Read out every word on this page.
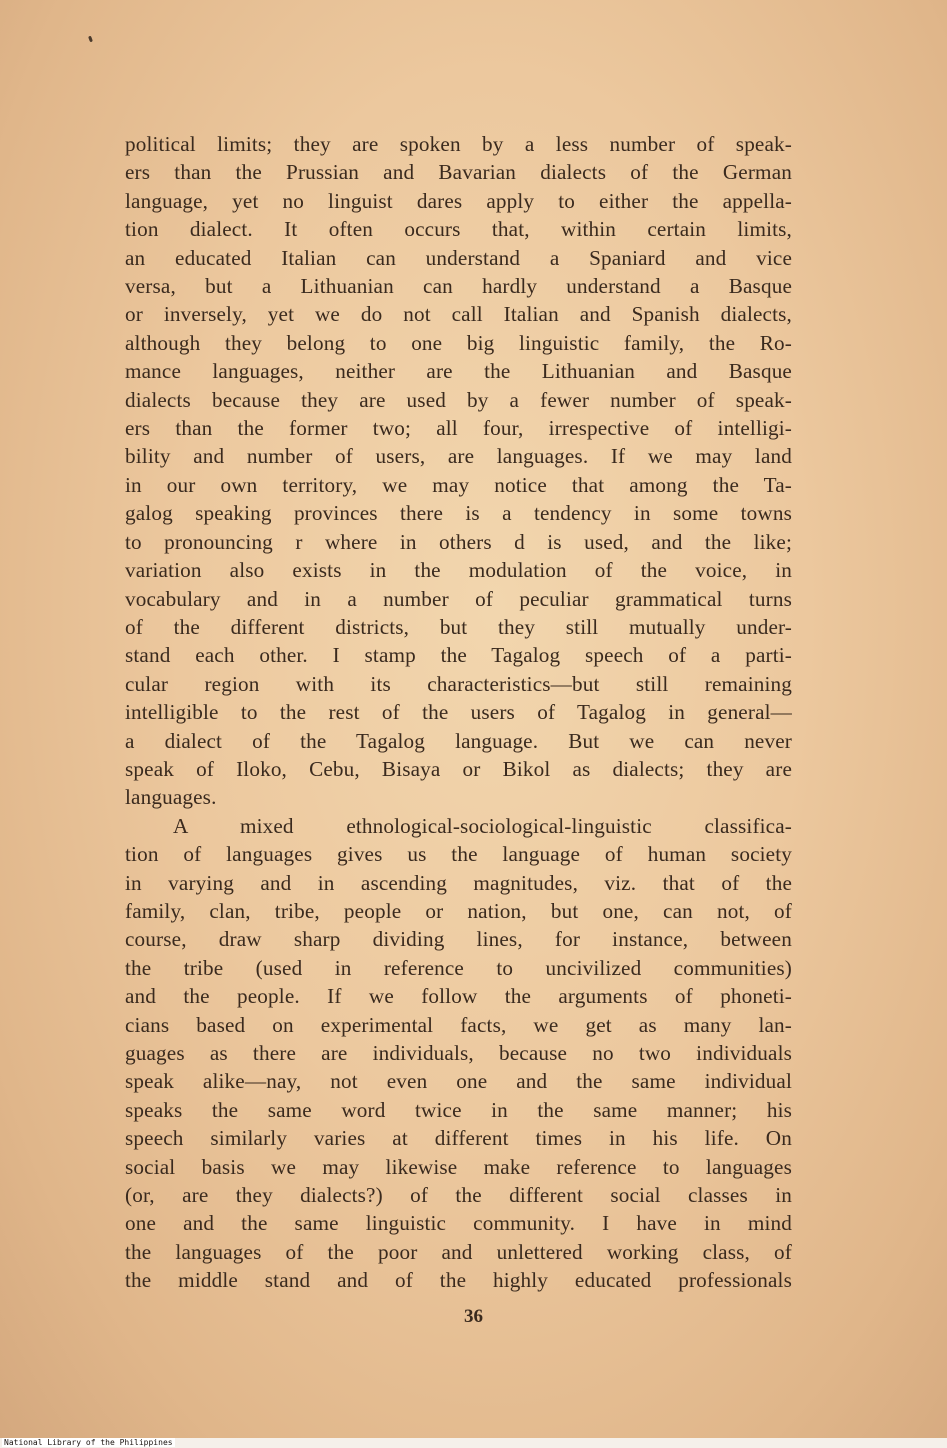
political limits; they are spoken by a less number of speak-
ers than the Prussian and Bavarian dialects of the German
language, yet no linguist dares apply to either the appella-
tion dialect. It often occurs that, within certain limits,
an educated Italian can understand a Spaniard and vice
versa, but a Lithuanian can hardly understand a Basque
or inversely, yet we do not call Italian and Spanish dialects,
although they belong to one big linguistic family, the Ro-
mance languages, neither are the Lithuanian and Basque
dialects because they are used by a fewer number of speak-
ers than the former two; all four, irrespective of intelligi-
bility and number of users, are languages. If we may land
in our own territory, we may notice that among the Ta-
galog speaking provinces there is a tendency in some towns
to pronouncing r where in others d is used, and the like;
variation also exists in the modulation of the voice, in
vocabulary and in a number of peculiar grammatical turns
of the different districts, but they still mutually under-
stand each other. I stamp the Tagalog speech of a parti-
cular region with its characteristics—but still remaining
intelligible to the rest of the users of Tagalog in general—
a dialect of the Tagalog language. But we can never
speak of Iloko, Cebu, Bisaya or Bikol as dialects; they are
languages.
A mixed ethnological-sociological-linguistic classifica-
tion of languages gives us the language of human society
in varying and in ascending magnitudes, viz. that of the
family, clan, tribe, people or nation, but one, can not, of
course, draw sharp dividing lines, for instance, between
the tribe (used in reference to uncivilized communities)
and the people. If we follow the arguments of phoneti-
cians based on experimental facts, we get as many lan-
guages as there are individuals, because no two individuals
speak alike—nay, not even one and the same individual
speaks the same word twice in the same manner; his
speech similarly varies at different times in his life. On
social basis we may likewise make reference to languages
(or, are they dialects?) of the different social classes in
one and the same linguistic community. I have in mind
the languages of the poor and unlettered working class, of
the middle stand and of the highly educated professionals
36
National Library of the Philippines
